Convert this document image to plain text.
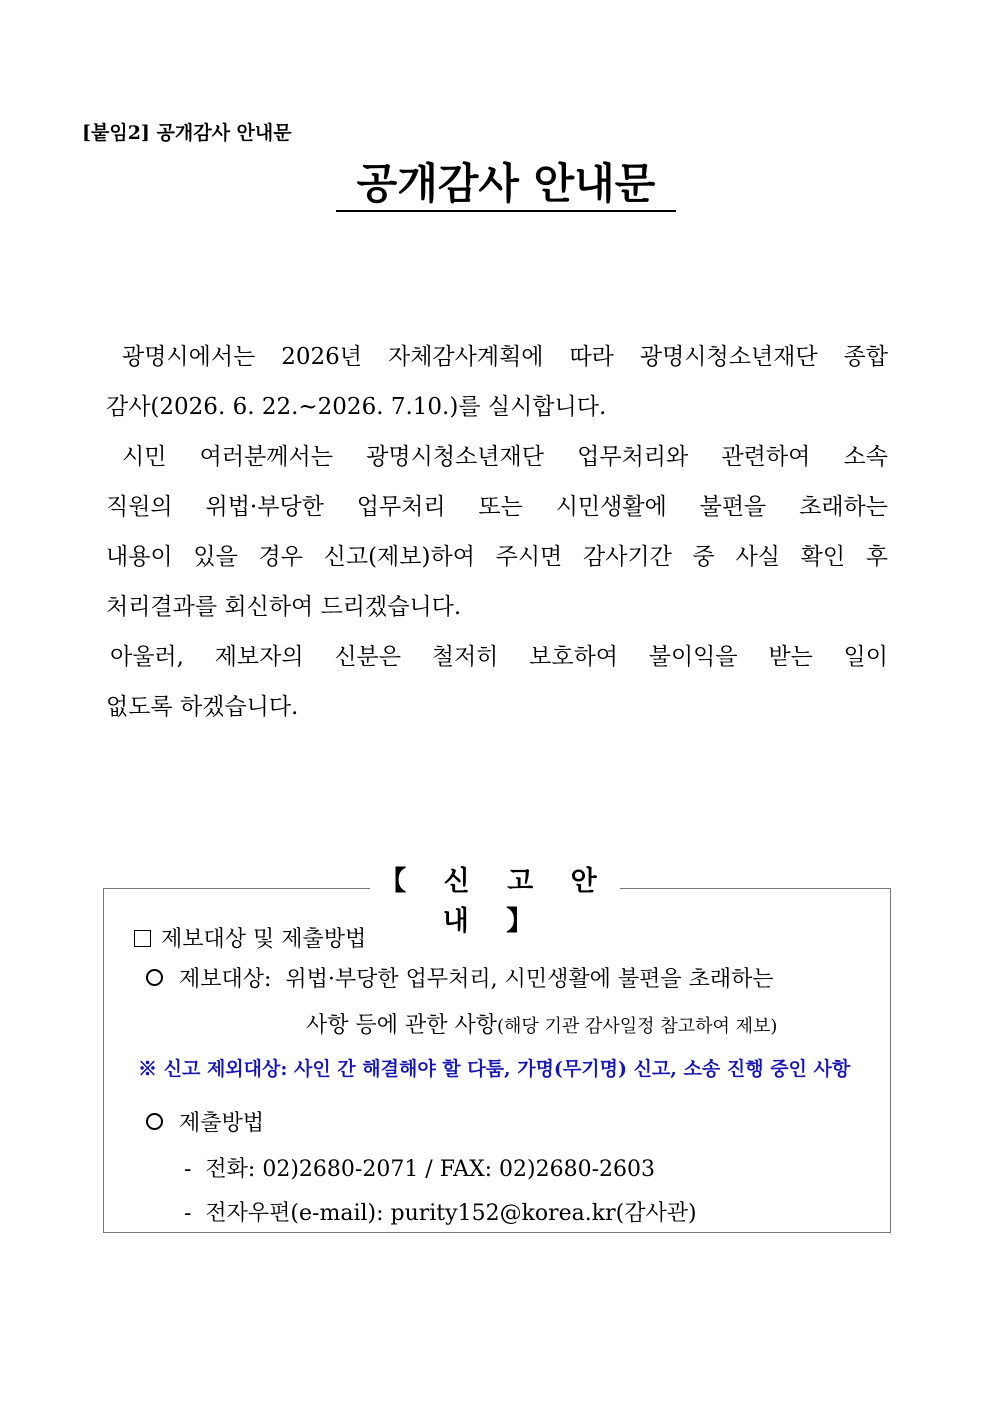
[붙임2] 공개감사 안내문
공개감사 안내문
광명시에서는 2026년 자체감사계획에 따라 광명시청소년재단 종합
감사(2026. 6. 22.~2026. 7.10.)를 실시합니다.
시민 여러분께서는 광명시청소년재단 업무처리와 관련하여 소속
직원의 위법·부당한 업무처리 또는 시민생활에 불편을 초래하는
내용이 있을 경우 신고(제보)하여 주시면 감사기간 중 사실 확인 후
처리결과를 회신하여 드리겠습니다.
아울러, 제보자의 신분은 철저히 보호하여 불이익을 받는 일이
없도록 하겠습니다.
【 신 고 안 내 】
제보대상 및 제출방법
제보대상: 위법·부당한 업무처리, 시민생활에 불편을 초래하는
사항 등에 관한 사항(해당 기관 감사일정 참고하여 제보)
※ 신고 제외대상: 사인 간 해결해야 할 다툼, 가명(무기명) 신고, 소송 진행 중인 사항
제출방법
-  전화: 02)2680-2071 / FAX: 02)2680-2603
-  전자우편(e-mail): purity152@korea.kr(감사관)
